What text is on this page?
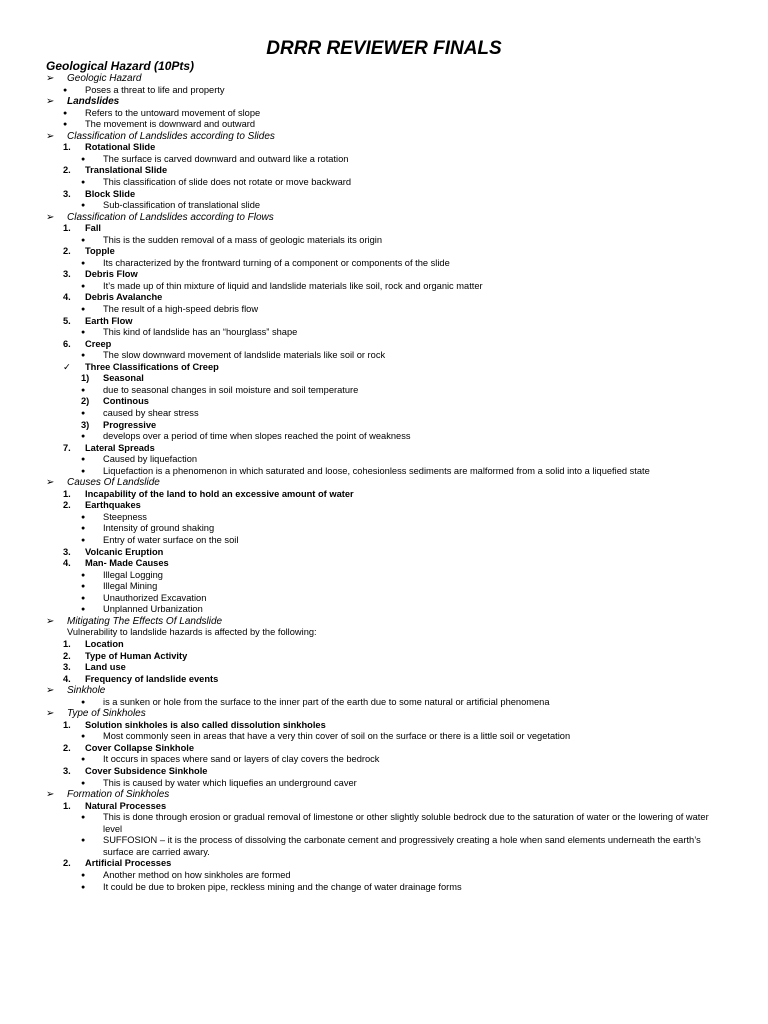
DRRR REVIEWER FINALS
Geological Hazard (10Pts)
➢ Geologic Hazard
● Poses a threat to life and property
➢ Landslides
● Refers to the untoward movement of slope
● The movement is downward and outward
➢ Classification of Landslides according to Slides
1. Rotational Slide
● The surface is carved downward and outward like a rotation
2. Translational Slide
● This classification of slide does not rotate or move backward
3. Block Slide
● Sub-classification of translational slide
➢ Classification of Landslides according to Flows
1. Fall
● This is the sudden removal of a mass of geologic materials its origin
2. Topple
● Its characterized by the frontward turning of a component or components of the slide
3. Debris Flow
● It’s made up of thin mixture of liquid and landslide materials like soil, rock and organic matter
4. Debris Avalanche
● The result of a high-speed debris flow
5. Earth Flow
● This kind of landslide has an “hourglass” shape
6. Creep
● The slow downward movement of landslide materials like soil or rock
✓ Three Classifications of Creep
1) Seasonal
● due to seasonal changes in soil moisture and soil temperature
2) Continous
● caused by shear stress
3) Progressive
● develops over a period of time when slopes reached the point of weakness
7. Lateral Spreads
● Caused by liquefaction
● Liquefaction is a phenomenon in which saturated and loose, cohesionless sediments are malformed from a solid into a liquefied state
➢ Causes Of Landslide
1. Incapability of the land to hold an excessive amount of water
2. Earthquakes
● Steepness
● Intensity of ground shaking
● Entry of water surface on the soil
3. Volcanic Eruption
4. Man- Made Causes
● Illegal Logging
● Illegal Mining
● Unauthorized Excavation
● Unplanned Urbanization
➢ Mitigating The Effects Of Landslide
Vulnerability to landslide hazards is affected by the following:
1. Location
2. Type of Human Activity
3. Land use
4. Frequency of landslide events
➢ Sinkhole
● is a sunken or hole from the surface to the inner part of the earth due to some natural or artificial phenomena
➢ Type of Sinkholes
1. Solution sinkholes is also called dissolution sinkholes
● Most commonly seen in areas that have a very thin cover of soil on the surface or there is a little soil or vegetation
2. Cover Collapse Sinkhole
● It occurs in spaces where sand or layers of clay covers the bedrock
3. Cover Subsidence Sinkhole
● This is caused by water which liquefies an underground caver
➢ Formation of Sinkholes
1. Natural Processes
● This is done through erosion or gradual removal of limestone or other slightly soluble bedrock due to the saturation of water or the lowering of water level
● SUFFOSION – it is the process of dissolving the carbonate cement and progressively creating a hole when sand elements underneath the earth’s surface are carried awary.
2. Artificial Processes
● Another method on how sinkholes are formed
● It could be due to broken pipe, reckless mining and the change of water drainage forms
